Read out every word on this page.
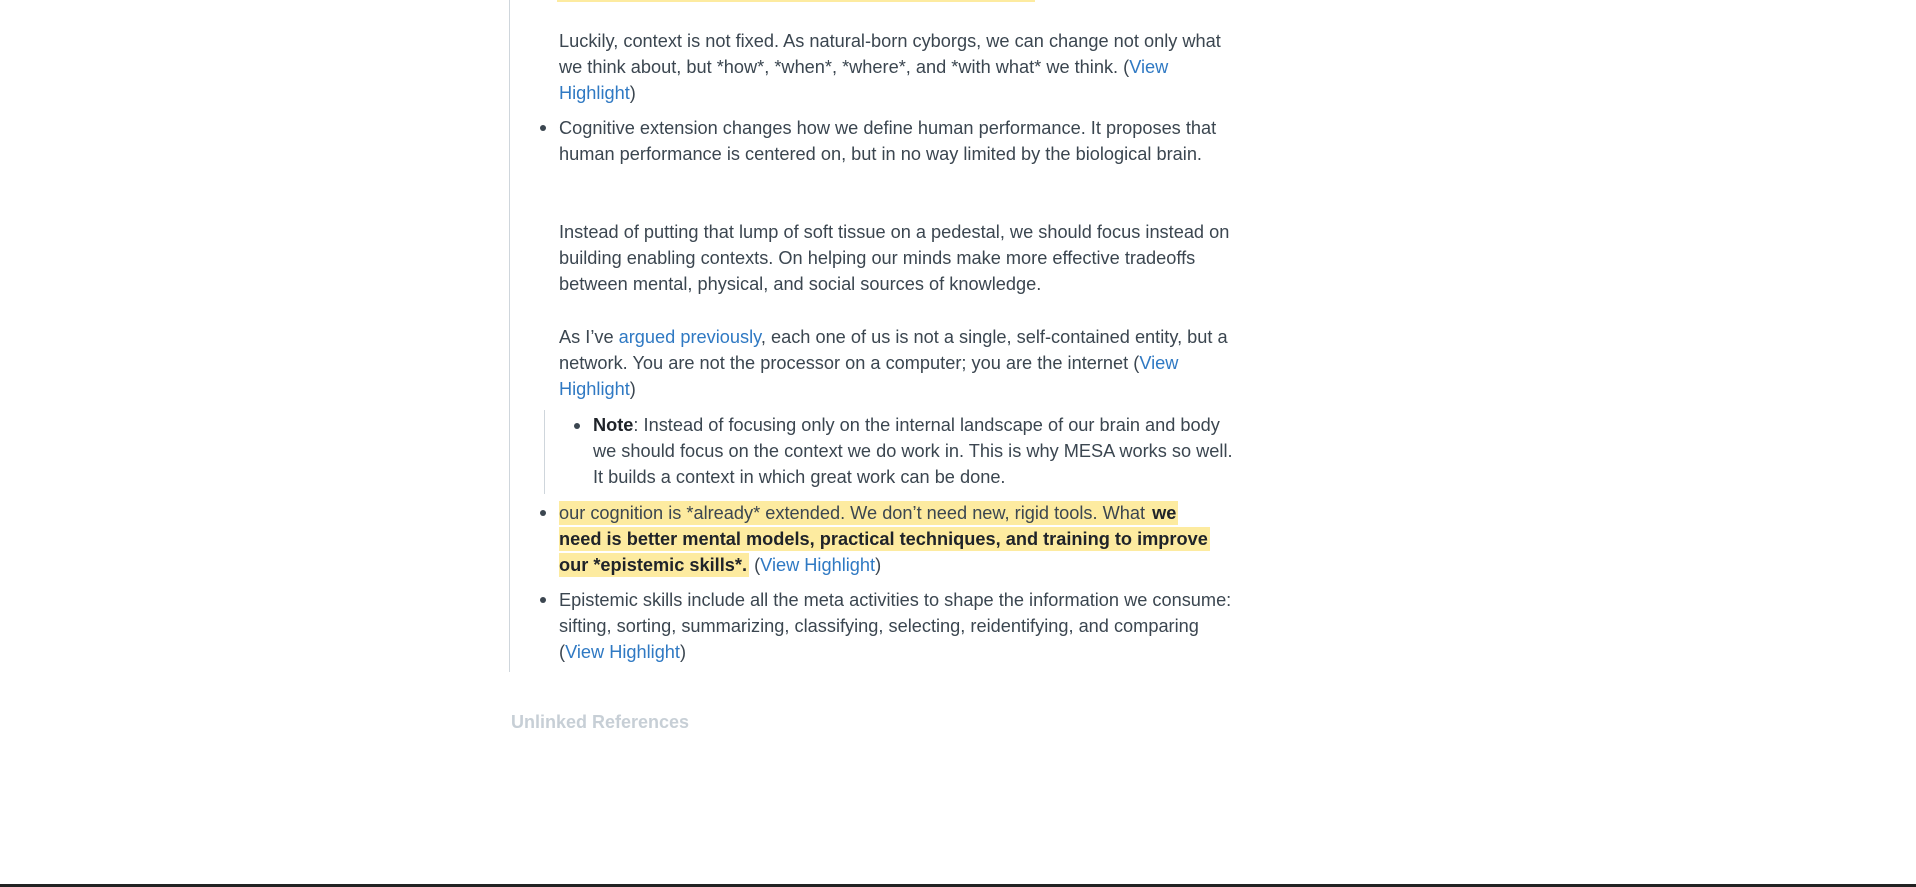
Luckily, context is not fixed. As natural-born cyborgs, we can change not only what we think about, but *how*, *when*, *where*, and *with what* we think. (View Highlight)

Cognitive extension changes how we define human performance. It proposes that human performance is centered on, but in no way limited by the biological brain.

Instead of putting that lump of soft tissue on a pedestal, we should focus instead on building enabling contexts. On helping our minds make more effective tradeoffs between mental, physical, and social sources of knowledge.

As I’ve argued previously, each one of us is not a single, self-contained entity, but a network. You are not the processor on a computer; you are the internet (View Highlight)

Note: Instead of focusing only on the internal landscape of our brain and body we should focus on the context we do work in. This is why MESA works so well. It builds a context in which great work can be done.

our cognition is *already* extended. We don’t need new, rigid tools. What we need is better mental models, practical techniques, and training to improve our *epistemic skills*. (View Highlight)

Epistemic skills include all the meta activities to shape the information we consume: sifting, sorting, summarizing, classifying, selecting, reidentifying, and comparing (View Highlight)

Unlinked References
